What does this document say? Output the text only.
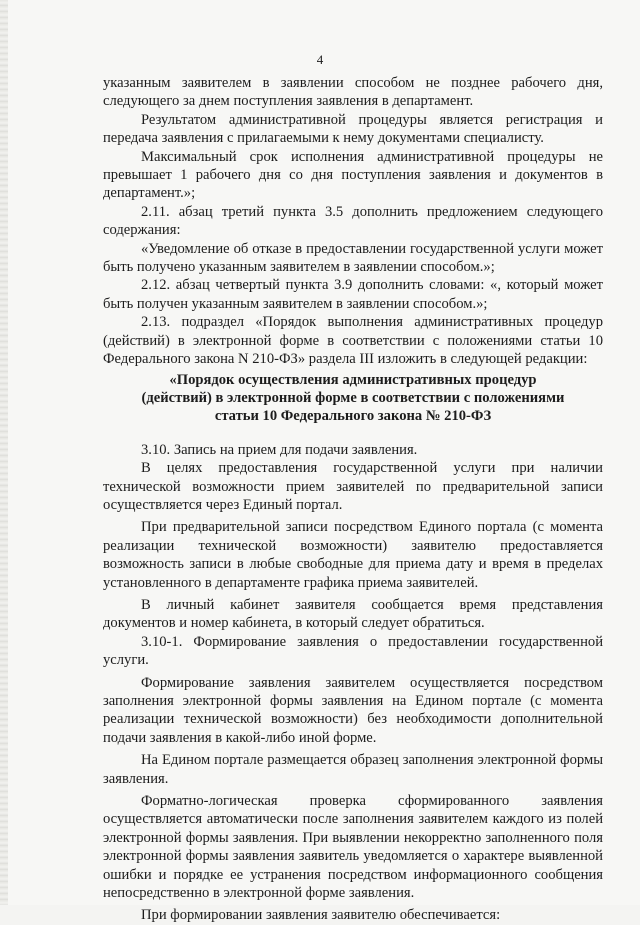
4

указанным заявителем в заявлении способом не позднее рабочего дня, следующего за днем поступления заявления в департамент.

Результатом административной процедуры является регистрация и передача заявления с прилагаемыми к нему документами специалисту.

Максимальный срок исполнения административной процедуры не превышает 1 рабочего дня со дня поступления заявления и документов в департамент.»;

2.11. абзац третий пункта 3.5 дополнить предложением следующего содержания:

«Уведомление об отказе в предоставлении государственной услуги может быть получено указанным заявителем в заявлении способом.»;

2.12. абзац четвертый пункта 3.9 дополнить словами: «, который может быть получен указанным заявителем в заявлении способом.»;

2.13. подраздел «Порядок выполнения административных процедур (действий) в электронной форме в соответствии с положениями статьи 10 Федерального закона N 210-ФЗ» раздела III изложить в следующей редакции:

«Порядок осуществления административных процедур
(действий) в электронной форме в соответствии с положениями
статьи 10 Федерального закона № 210-ФЗ

3.10. Запись на прием для подачи заявления.

В целях предоставления государственной услуги при наличии технической возможности прием заявителей по предварительной записи осуществляется через Единый портал.

При предварительной записи посредством Единого портала (с момента реализации технической возможности) заявителю предоставляется возможность записи в любые свободные для приема дату и время в пределах установленного в департаменте графика приема заявителей.

В личный кабинет заявителя сообщается время представления документов и номер кабинета, в который следует обратиться.

3.10-1. Формирование заявления о предоставлении государственной услуги.

Формирование заявления заявителем осуществляется посредством заполнения электронной формы заявления на Едином портале (с момента реализации технической возможности) без необходимости дополнительной подачи заявления в какой-либо иной форме.

На Едином портале размещается образец заполнения электронной формы заявления.

Форматно-логическая проверка сформированного заявления осуществляется автоматически после заполнения заявителем каждого из полей электронной формы заявления. При выявлении некорректно заполненного поля электронной формы заявления заявитель уведомляется о характере выявленной ошибки и порядке ее устранения посредством информационного сообщения непосредственно в электронной форме заявления.

При формировании заявления заявителю обеспечивается:
